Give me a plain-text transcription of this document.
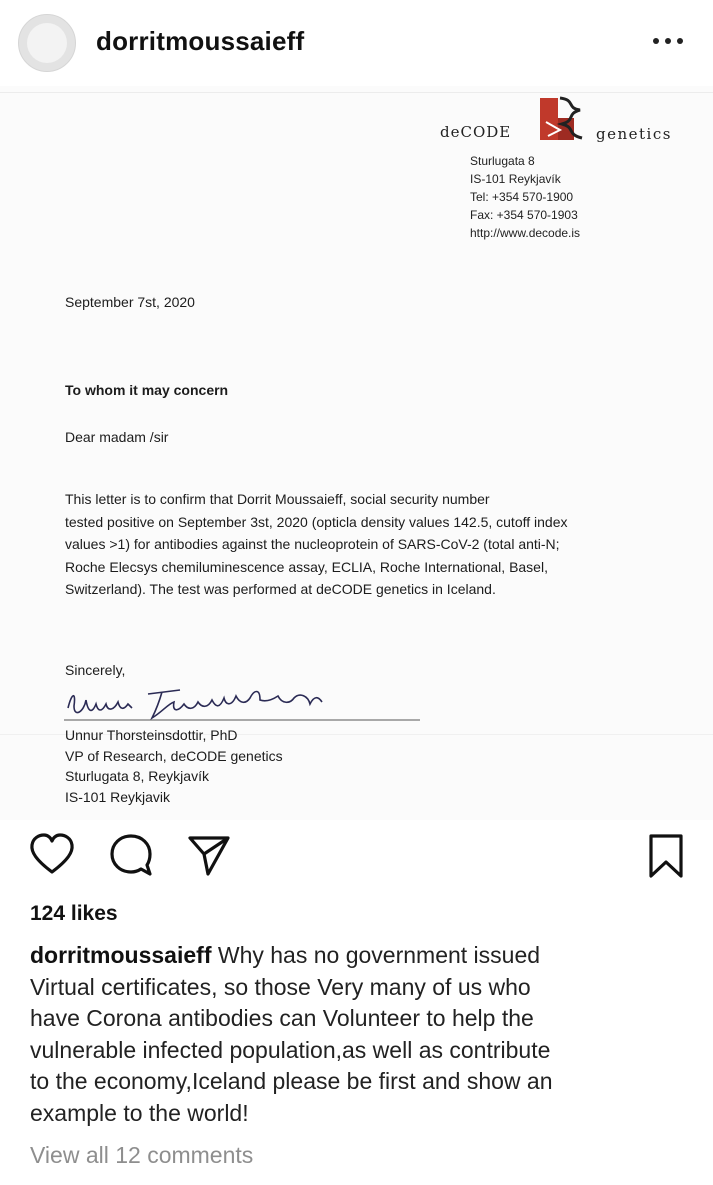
dorritmoussaieff
deCODE	genetics
Sturlugata 8
IS-101 Reykjavík
Tel: +354 570-1900
Fax: +354 570-1903
http://www.decode.is
September 7st, 2020
To whom it may concern
Dear madam /sir
This letter is to confirm that Dorrit Moussaieff, social security number
tested positive on September 3st, 2020 (opticla density values 142.5, cutoff index
values >1) for antibodies against the nucleoprotein of SARS-CoV-2 (total anti-N;
Roche Elecsys chemiluminescence assay, ECLIA, Roche International, Basel,
Switzerland). The test was performed at deCODE genetics in Iceland.
Sincerely,
Unnur Thorsteinsdottir, PhD
VP of Research, deCODE genetics
Sturlugata 8, Reykjavík
IS-101 Reykjavik
124 likes
dorritmoussaieff Why has no government issued
Virtual certificates, so those Very many of us who
have Corona antibodies can Volunteer to help the
vulnerable infected population,as well as contribute
to the economy,Iceland please be first and show an
example to the world!
View all 12 comments
